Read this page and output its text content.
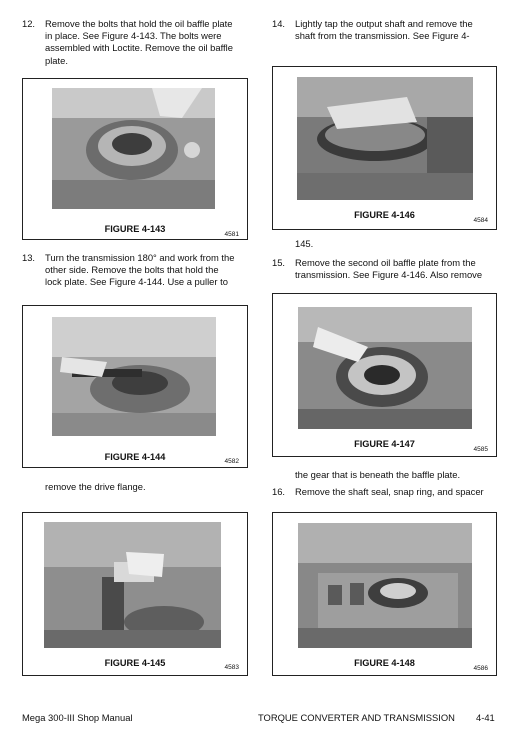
12. Remove the bolts that hold the oil baffle plate
in place. See Figure 4-143. The bolts were
assembled with Loctite. Remove the oil baffle
plate.
FIGURE 4-143
4581
13. Turn the transmission 180° and work from the
other side. Remove the bolts that hold the
lock plate. See Figure 4-144. Use a puller to
FIGURE 4-144	4582
remove the drive flange.
FIGURE 4-145	4583
14. Lightly tap the output shaft and remove the
shaft from the transmission. See Figure 4-
FIGURE 4-146
4584
145.
15. Remove the second oil baffle plate from the
transmission. See Figure 4-146. Also remove
FIGURE 4-147
4585
the gear that is beneath the baffle plate.
16. Remove the shaft seal, snap ring, and spacer
FIGURE 4-148
4586
Mega 300-III Shop Manual	TORQUE CONVERTER AND TRANSMISSION 4-41
